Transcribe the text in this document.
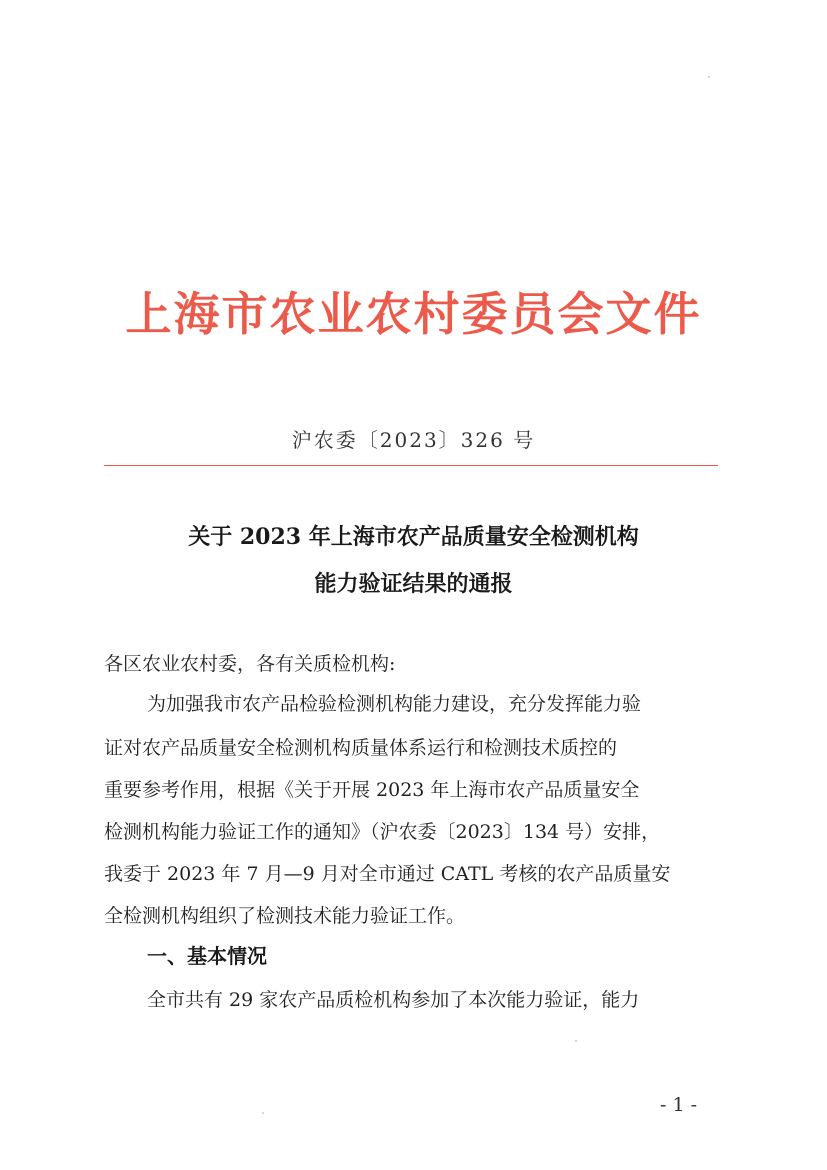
上海市农业农村委员会文件
沪农委〔2023〕326 号
关于 2023 年上海市农产品质量安全检测机构
能力验证结果的通报
各区农业农村委，各有关质检机构:
为加强我市农产品检验检测机构能力建设，充分发挥能力验
证对农产品质量安全检测机构质量体系运行和检测技术质控的
重要参考作用，根据《关于开展 2023 年上海市农产品质量安全
检测机构能力验证工作的通知》（沪农委〔2023〕134 号）安排，
我委于 2023 年 7 月—9 月对全市通过 CATL 考核的农产品质量安
全检测机构组织了检测技术能力验证工作。
一、基本情况
全市共有 29 家农产品质检机构参加了本次能力验证，能力
- 1 -
